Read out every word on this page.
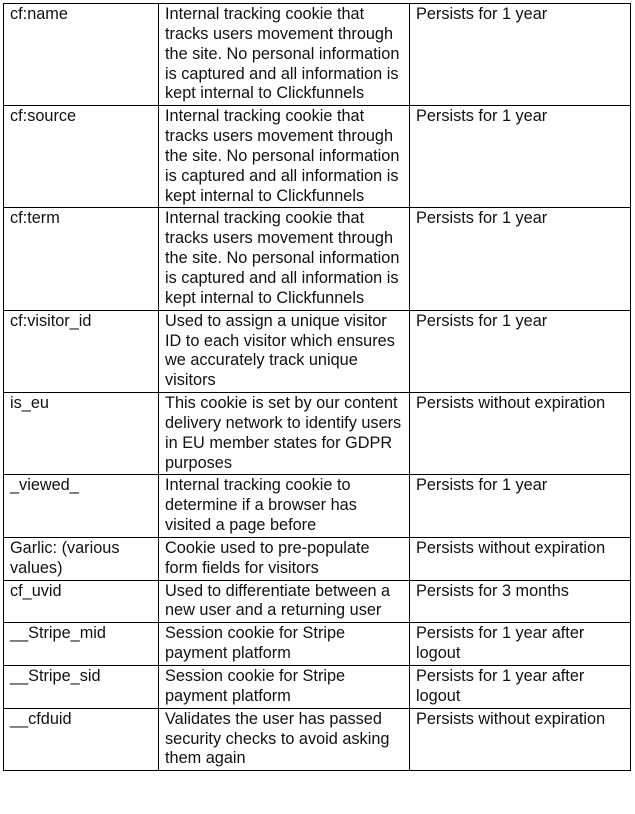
cf:name	Internal tracking cookie that tracks users movement through the site. No personal information is captured and all information is kept internal to Clickfunnels	Persists for 1 year
cf:source	Internal tracking cookie that tracks users movement through the site. No personal information is captured and all information is kept internal to Clickfunnels	Persists for 1 year
cf:term	Internal tracking cookie that tracks users movement through the site. No personal information is captured and all information is kept internal to Clickfunnels	Persists for 1 year
cf:visitor_id	Used to assign a unique visitor ID to each visitor which ensures we accurately track unique visitors	Persists for 1 year
is_eu	This cookie is set by our content delivery network to identify users in EU member states for GDPR purposes	Persists without expiration
_viewed_	Internal tracking cookie to determine if a browser has visited a page before	Persists for 1 year
Garlic: (various values)	Cookie used to pre-populate form fields for visitors	Persists without expiration
cf_uvid	Used to differentiate between a new user and a returning user	Persists for 3 months
__Stripe_mid	Session cookie for Stripe payment platform	Persists for 1 year after logout
__Stripe_sid	Session cookie for Stripe payment platform	Persists for 1 year after logout
__cfduid	Validates the user has passed security checks to avoid asking them again	Persists without expiration
